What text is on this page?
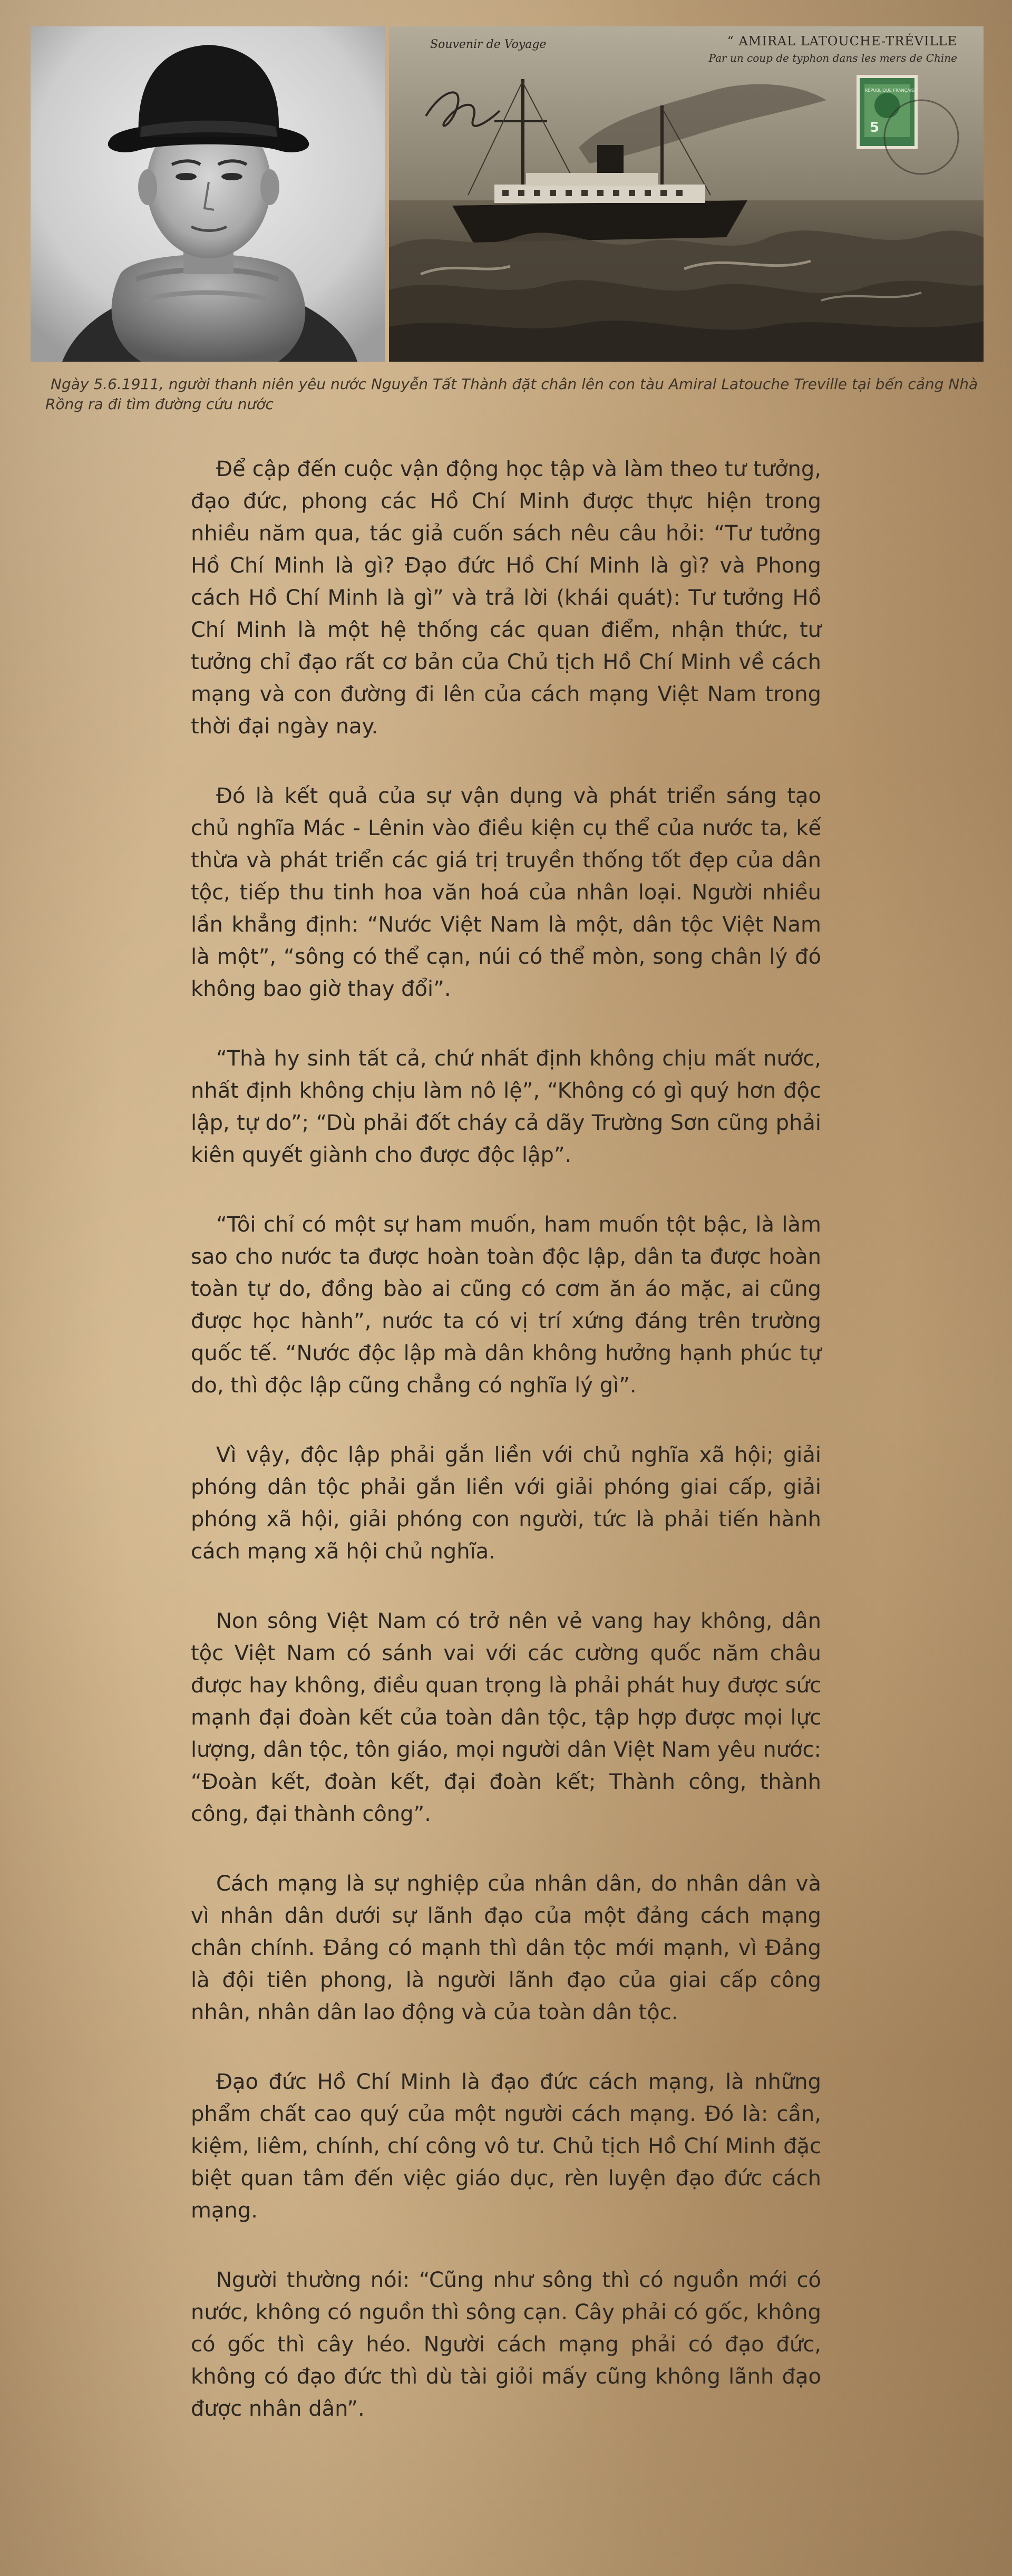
5
RÉPUBLIQUE FRANÇAISE
Souvenir de Voyage	“ AMIRAL LATOUCHE-TRÉVILLE
Par un coup de typhon dans les mers de Chine
Ngày 5.6.1911, người thanh niên yêu nước Nguyễn Tất Thành đặt chân lên con tàu Amiral Latouche Treville tại bến cảng Nhà Rồng ra đi tìm đường cứu nước

Để cập đến cuộc vận động học tập và làm theo tư tưởng, đạo đức, phong các Hồ Chí Minh được thực hiện trong nhiều năm qua, tác giả cuốn sách nêu câu hỏi: “Tư tưởng Hồ Chí Minh là gì? Đạo đức Hồ Chí Minh là gì? và Phong cách Hồ Chí Minh là gì” và trả lời (khái quát): Tư tưởng Hồ Chí Minh là một hệ thống các quan điểm, nhận thức, tư tưởng chỉ đạo rất cơ bản của Chủ tịch Hồ Chí Minh về cách mạng và con đường đi lên của cách mạng Việt Nam trong thời đại ngày nay.

Đó là kết quả của sự vận dụng và phát triển sáng tạo chủ nghĩa Mác - Lênin vào điều kiện cụ thể của nước ta, kế thừa và phát triển các giá trị truyền thống tốt đẹp của dân tộc, tiếp thu tinh hoa văn hoá của nhân loại. Người nhiều lần khẳng định: “Nước Việt Nam là một, dân tộc Việt Nam là một”, “sông có thể cạn, núi có thể mòn, song chân lý đó không bao giờ thay đổi”.

“Thà hy sinh tất cả, chứ nhất định không chịu mất nước, nhất định không chịu làm nô lệ”, “Không có gì quý hơn độc lập, tự do”; “Dù phải đốt cháy cả dãy Trường Sơn cũng phải kiên quyết giành cho được độc lập”.

“Tôi chỉ có một sự ham muốn, ham muốn tột bậc, là làm sao cho nước ta được hoàn toàn độc lập, dân ta được hoàn toàn tự do, đồng bào ai cũng có cơm ăn áo mặc, ai cũng được học hành”, nước ta có vị trí xứng đáng trên trường quốc tế. “Nước độc lập mà dân không hưởng hạnh phúc tự do, thì độc lập cũng chẳng có nghĩa lý gì”.

Vì vậy, độc lập phải gắn liền với chủ nghĩa xã hội; giải phóng dân tộc phải gắn liền với giải phóng giai cấp, giải phóng xã hội, giải phóng con người, tức là phải tiến hành cách mạng xã hội chủ nghĩa.

Non sông Việt Nam có trở nên vẻ vang hay không, dân tộc Việt Nam có sánh vai với các cường quốc năm châu được hay không, điều quan trọng là phải phát huy được sức mạnh đại đoàn kết của toàn dân tộc, tập hợp được mọi lực lượng, dân tộc, tôn giáo, mọi người dân Việt Nam yêu nước: “Đoàn kết, đoàn kết, đại đoàn kết; Thành công, thành công, đại thành công”.

Cách mạng là sự nghiệp của nhân dân, do nhân dân và vì nhân dân dưới sự lãnh đạo của một đảng cách mạng chân chính. Đảng có mạnh thì dân tộc mới mạnh, vì Đảng là đội tiên phong, là người lãnh đạo của giai cấp công nhân, nhân dân lao động và của toàn dân tộc.

Đạo đức Hồ Chí Minh là đạo đức cách mạng, là những phẩm chất cao quý của một người cách mạng. Đó là: cần, kiệm, liêm, chính, chí công vô tư. Chủ tịch Hồ Chí Minh đặc biệt quan tâm đến việc giáo dục, rèn luyện đạo đức cách mạng.

Người thường nói: “Cũng như sông thì có nguồn mới có nước, không có nguồn thì sông cạn. Cây phải có gốc, không có gốc thì cây héo. Người cách mạng phải có đạo đức, không có đạo đức thì dù tài giỏi mấy cũng không lãnh đạo được nhân dân”.
